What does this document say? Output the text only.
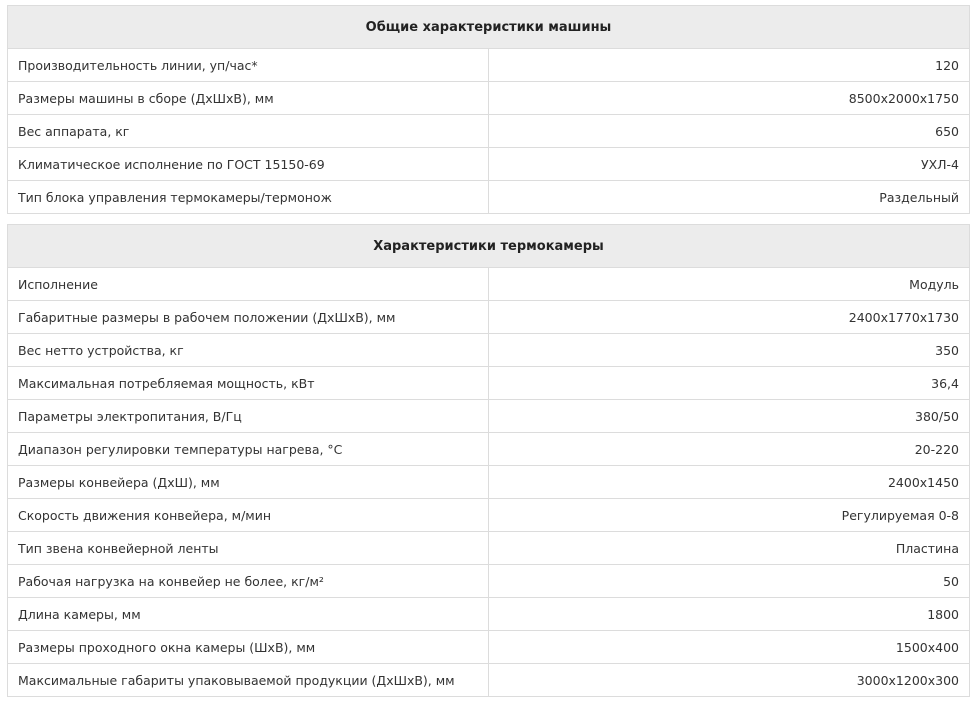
Общие характеристики машины	
Производительность линии, уп/час*	120
Размеры машины в сборе (ДхШхВ), мм	8500x2000x1750
Вес аппарата, кг	650
Климатическое исполнение по ГОСТ 15150-69	УХЛ-4
Тип блока управления термокамеры/термонож	Раздельный
Характеристики термокамеры	
Исполнение	Модуль
Габаритные размеры в рабочем положении (ДхШхВ), мм	2400x1770x1730
Вес нетто устройства, кг	350
Максимальная потребляемая мощность, кВт	36,4
Параметры электропитания, В/Гц	380/50
Диапазон регулировки температуры нагрева, °С	20-220
Размеры конвейера (ДхШ), мм	2400x1450
Скорость движения конвейера, м/мин	Регулируемая 0-8
Тип звена конвейерной ленты	Пластина
Рабочая нагрузка на конвейер не более, кг/м²	50
Длина камеры, мм	1800
Размеры проходного окна камеры (ШхВ), мм	1500x400
Максимальные габариты упаковываемой продукции (ДхШхВ), мм	3000x1200x300
